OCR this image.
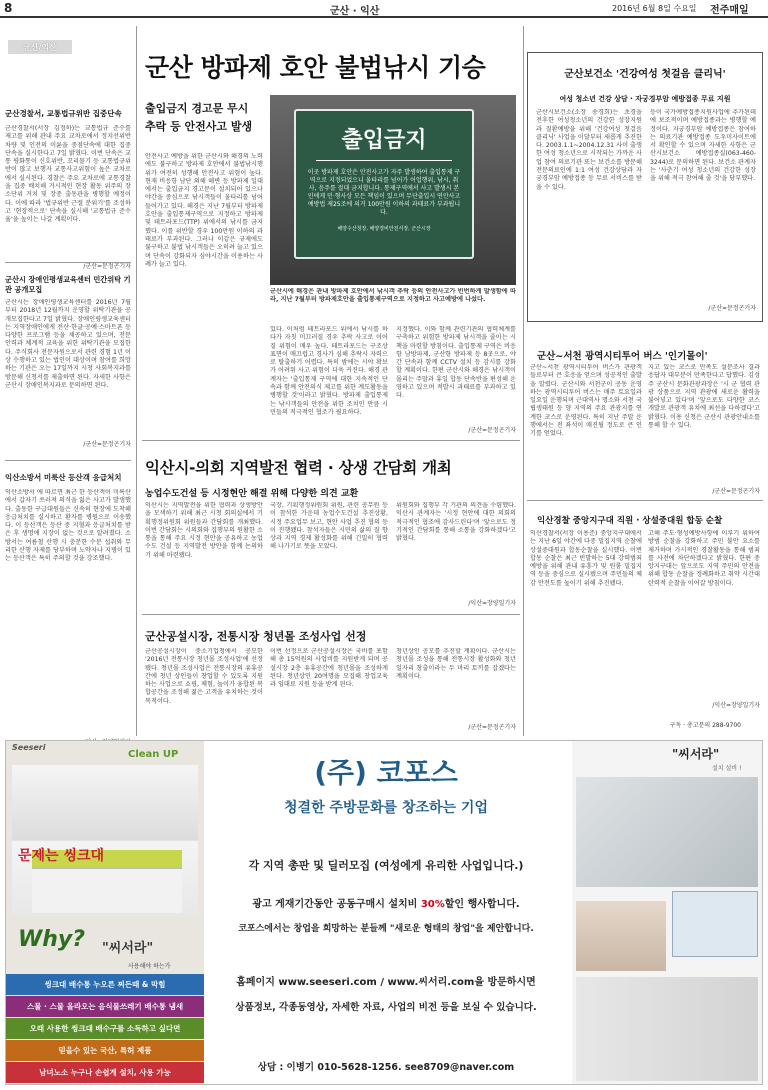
8	군산 · 익산	2016년 6월 8일 수요일 전주매일
군산/익산
군산경찰서, 교통법규위반 집중단속
군산경찰서(서장 김정하)는 교통법규 준수를 제고를 위해 관내 주요 교차로에서 정지선위반 차량 및 인전의 이륜을 중점단속에 대한 집중 단속을 실시한다고 7일 밝혔다. 이번 단속은 교통 평화통이 신호위반, 꼬리물기 등 교통법규위반이 많고 보행자 교통사고위험이 높은 교차로에서 실시된다. 경찰은 주요 교차로에 교통경찰을 집중 배치해 거시적인 현장 활동 위주의 장소단위 거치 및 장중 출동관을 병행할 예정이다. 이에 따라 '법규위반 근절 분위기'를 조성하고 '현장적으로' 단속을 실시해 '교통법규 준수율'을 높이는 나갈 계획이다.
/군산=문정곤기자
군산시 장애인평생교육센터 민간위탁 기관 공개모집
군산시는 장애인평생교육센터를 2016년 7월부터 2018년 12월까지 운영할 위탁기관을 공개모집한다고 7일 밝혔다. 장애인평생교육센터는 지역장애인에게 전산·한글·공예·스마트폰 등 다양한 프로그램 등을 제공하고 있으며, 전문 인력과 체계적 교육을 위한 위탁기관을 모집한다. 주식회사 전문자원으로서 관련 경험 1년 이상 수행하고 있는 법인이 대상이며 참여를 희망하는 기관은 오는 17일까지 시청 사회복지과를 방문해 신청서를 제출하면 된다. 자세한 사항은 군산시 장애인복지과로 문의하면 된다.
/군산=문정곤기자
익산소방서 미룩산 등산객 응급처치
익산소방서 에 따르면 최근 한 등산객이 미륵산에서 갑자기 쓰러져 의식을 잃은 사고가 발생했다. 출동한 구급대원들은 신속히 현장에 도착해 응급처치를 실시하고 환자를 병원으로 이송했다. 이 등산객은 등산 중 지혈과 응급처치를 받은 후 생명에 지장이 없는 것으로 알려졌다. 소방서는 여름철 산행 시 충분한 수분 섭취와 무리한 산행 자제를 당부하며 노약자나 지병이 있는 등산객은 특히 주의할 것을 강조했다.
군산 방파제 호안 불법낚시 기승
출입금지 경고문 무시
추락 등 안전사고 발생
출입금지
이곳 방파제 호안은 안전사고가 자주 발생하여 출입통제 구역으로 지정되었으니 울타리를 넘어가 어업행위, 낚시, 취사, 음주를 절대 금지합니다. 통제구역에서 사고 발생시 본인에게 민·형사상 모든 책임이 있으며 무단출입시 연안사고예방법 제25조에 의거 100만원 이하의 과태료가 부과됩니다.
해양수산청장, 해양경비안전서장, 군산시장
군산시에 해경은 관내 방파제 호안에서 낚시객 추락 등의 안전사고가 빈번하게 발생함에 따라, 지난 7월부터 방파제호안을 출입통제구역으로 지정하고 사고예방에 나섰다.
안전사고 예방을 위한 군산시와 해경의 노력에도 불구하고 방파제 호안에서 불법낚시행위가 여전히 성행해 안전사고 위험이 높다. 현재 비응항 남단 외해 해변 등 방파제 일대에서는 출입금지 경고문이 설치되어 있으나 야간을 중심으로 낚시객들이 울타리를 넘어 들어가고 있다. 해경은 지난 7월부터 방파제 호안을 출입통제구역으로 지정하고 방파제 및 테트라포드(TTP) 위에서의 낚시를 금지했다. 이를 위반할 경우 100만원 이하의 과태료가 부과된다. 그러나 이같은 규제에도 불구하고 불법 낚시객들은 오히려 늘고 있으며 단속이 강화되자 심야시간을 이용하는 사례가 늘고 있다.
있다. 이처럼 테트라포드 위에서 낚시를 하다가 자칫 미끄러질 경우 추락 사고로 이어질 위험이 매우 높다. 테트라포드는 구조상 표면이 매끄럽고 경사가 심해 추락시 자력으로 탈출하기 어렵다. 특히 밤에는 시야 확보가 어려워 사고 위험이 더욱 커진다. 해경 관계자는 '출입통제 구역에 대한 지속적인 단속과 함께 안전의식 제고를 위한 계도활동을 병행할 것'이라고 밝혔다. 방파제 출입통제는 낚시객들의 안전을 위한 조치인 만큼 시민들의 적극적인 협조가 필요하다.
지정했다. 이와 함께 관련기관의 협력체계를 구축하고 위험한 방파제 낚시객을 줄이는 시책을 마련할 방침이다. 출입통제 구역은 비응항 남방파제, 군산항 방파제 등 8곳으로, 야간 단속과 함께 CCTV 설치 등 감시를 강화할 계획이다. 한편 군산시와 해경은 낚시객이 몰리는 주말과 휴일 합동 단속반을 편성해 운영하고 있으며 적발시 과태료를 부과하고 있다.
/군산=문정곤기자
익산시-의회 지역발전 협력 · 상생 간담회 개최
농업수도건설 등 시정현안 해결 위해 다양한 의견 교환
익산시는 지역발전을 위한 협력과 상생방안을 모색하기 위해 최근 시청 회의실에서 기획행정위원회 위원들과 간담회를 개최했다. 이번 간담회는 시의회와 집행부의 원활한 소통을 통해 주요 시정 현안을 공유하고 농업수도 건설 등 지역발전 방안을 함께 논의하기 위해 마련됐다.
국장, 기획행정위원회 위원, 관련 공무원 등이 참석한 가운데 농업수도건설 추진상황, 시정 주요업무 보고, 현안 사업 추진 협의 등이 진행됐다. 참석자들은 시민의 삶의 질 향상과 지역 경제 활성화를 위해 긴밀히 협력해 나가기로 뜻을 모았다.
위원회와 집행부 각 기관의 의견을 수렴했다. 익산시 관계자는 '시정 현안에 대한 의회의 적극적인 협조에 감사드린다'며 '앞으로도 정기적인 간담회를 통해 소통을 강화하겠다'고 밝혔다.
/익산=장양일기자
군산공설시장, 전통시장 청년몰 조성사업 선정
군산공설시장이 중소기업청에서 공모한 '2016년 전통시장 청년몰 조성사업'에 선정됐다. 청년몰 조성사업은 전통시장의 유휴공간에 청년 상인들이 창업할 수 있도록 지원하는 사업으로 쇼핑, 체험, 놀이가 융합된 복합공간을 조성해 젊은 고객을 유치하는 것이 목적이다.
이번 선정으로 군산공설시장은 국비를 포함해 총 15억원의 사업비를 지원받게 되며 공설시장 2층 유휴공간에 청년몰을 조성하게 된다. 청년상인 20여명을 모집해 창업교육과 임대료 지원 등을 받게 된다.
청년상인 공모를 추진할 계획이다. 군산시는 청년몰 조성을 통해 전통시장 활성화와 청년 일자리 창출이라는 두 마리 토끼를 잡겠다는 계획이다.
/군산=문정곤기자
군산보건소 '건강여성 첫걸음 클리닉'
여성 청소년 건강 상담 · 자궁경부암 예방접종 무료 지원
군산시보건소(소장 송경희)는 초경을 전후한 여성청소년의 건강한 성장지원과 질환예방을 위해 '건강여성 첫걸음 클리닉' 사업을 이달부터 새롭게 추진한다. 2003.1.1~2004.12.31 사이 출생한 여성 청소년으로 시작되는 가까운 사업 참여 의료기관 또는 보건소를 방문해 전문의료인에 1:1 여성 건강상담과 자궁경부암 예방접종 등 무료 서비스를 받을 수 있다.
등이 국가예방접종지원사업에 추가된데에 보조적이며 예방접종과는 병행할 예정이다. 자궁경부암 예방접종은 참여하는 의료기관 예방접종 도우미사이트에서 확인할 수 있으며 자세한 사항은 군산시보건소 예방접종실(063-460-3244)로 문의하면 된다. 보건소 관계자는 '사춘기 여성 청소년의 건강한 성장을 위해 적극 참여해 줄 것'을 당부했다.
/군산=문정곤기자
군산~서천 광역시티투어 버스 '인기몰이'
군산~서천 광역시티투어 버스가 관광객들로부터 큰 호응을 얻으며 성공적인 출발을 알렸다. 군산시와 서천군이 공동 운영하는 광역시티투어 버스는 매주 토요일과 일요일 운행되며 근대역사 명소와 서천 국립생태원 등 양 지역의 주요 관광지를 연계한 코스로 운영된다. 특히 지난 주말 운행에서는 전 좌석이 매진될 정도로 큰 인기를 얻었다.
지고 있는 코스로 만족도 설문조사 결과 응답자 대부분이 만족한다고 답했다. 김성주 군산시 문화관광과장은 '시 군 협력 관광 상품으로 지역 관광에 새로운 활력을 불어넣고 있다'며 '앞으로도 다양한 코스 개발로 관광객 유치에 최선을 다하겠다'고 밝혔다. 이용 신청은 군산시 관광안내소를 통해 할 수 있다.
/군산=문정곤기자
익산경찰 중앙지구대 직원 · 상설중대원 합동 순찰
익산경찰서(서장 이용준) 중앙지구대에서는 지난 6일 야간에 다중 밀집지역 순찰에 상설중대원과 합동순찰을 실시했다. 이번 합동 순찰은 최근 빈발하는 5대 강력범죄 예방을 위해 관내 유흥가 및 원룸 밀집지역 등을 중심으로 실시됐으며 주민들의 체감 안전도를 높이기 위해 추진됐다.
고해 주도·형성예방사항에 이루기 위하여 방범 순찰을 강화하고 주민 불안 요소를 제거하며 가시적인 경찰활동을 통해 범죄를 사전에 차단하겠다고 밝혔다. 한편 중앙지구대는 앞으로도 지역 주민의 안전을 위해 합동 순찰을 정례화하고 취약 시간대 탄력적 순찰을 이어갈 방침이다.
/익산=장양일기자
구독 · 총고문의 288-9700
Seeseri
Clean UP
문제는 씽크대
Why? "씨서라"
사용해야 하는가
씽크대 배수통 누오른 찌든때 & 막힘
스물 · 스물 올라오는 음식물쓰레기 배수통 냄새
오래 사용한 씽크대 배수구를 소독하고 싶다면
믿을수 있는 국산, 특허 제품
남녀노소 누구나 손쉽게 설치, 사용 가능
(주) 코포스
청결한 주방문화를 창조하는 기업
각 지역 총판 및 딜러모집 (여성에게 유리한 사업입니다.)
광고 게재기간동안 공동구매시 설치비 30%할인 행사합니다.
코포스에서는 창업을 희망하는 분들께 "새로운 형태의 창업"을 제안합니다.
홈페이지 www.seeseri.com / www.씨서리.com을 방문하시면
상품정보, 각종동영상, 자세한 자료, 사업의 비전 등을 보실 수 있습니다.
상담 : 이병기 010-5628-1256. see8709@naver.com
"씨서라"
설치 설비 !
